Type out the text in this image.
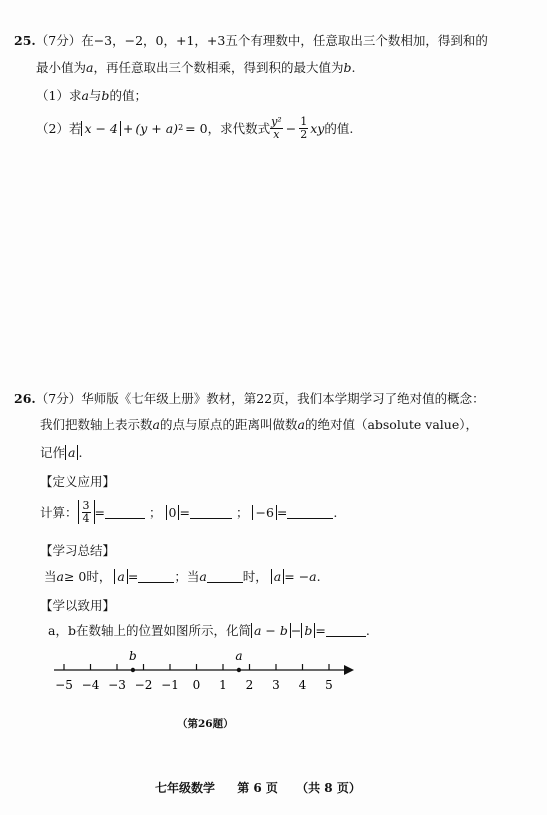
25.（7分）在−3，−2，0，+1，+3五个有理数中，任意取出三个数相加，得到和的
最小值为a，再任意取出三个数相乘，得到积的最大值为b.
（1）求a与b的值；
（2）若 x − 4 + (y + a) 2 = 0，求代数式 $\frac{\text{y²}}{x} - \frac{1}{2}$ xy 的值.
26.（7分）华师版《七年级上册》教材，第22页，我们本学期学习了绝对值的概念：
我们把数轴上表示数a的点与原点的距离叫做数a的绝对值（absolute value），
记作 a .
【定义应用】
计算： $\frac{3}{4}$ =	； 0 =	； −6 =	.
【学习总结】
当 a ≥ 0时， a =	；当 a	时， a = −a .
【学以致用】
a，b在数轴上的位置如图所示，化简 a − b − b =	.
−5 −4 −3 −2 −1 0 1 2 3 4 5
b	a
（第26题）
七年级数学 第 6 页 （共 8 页）
